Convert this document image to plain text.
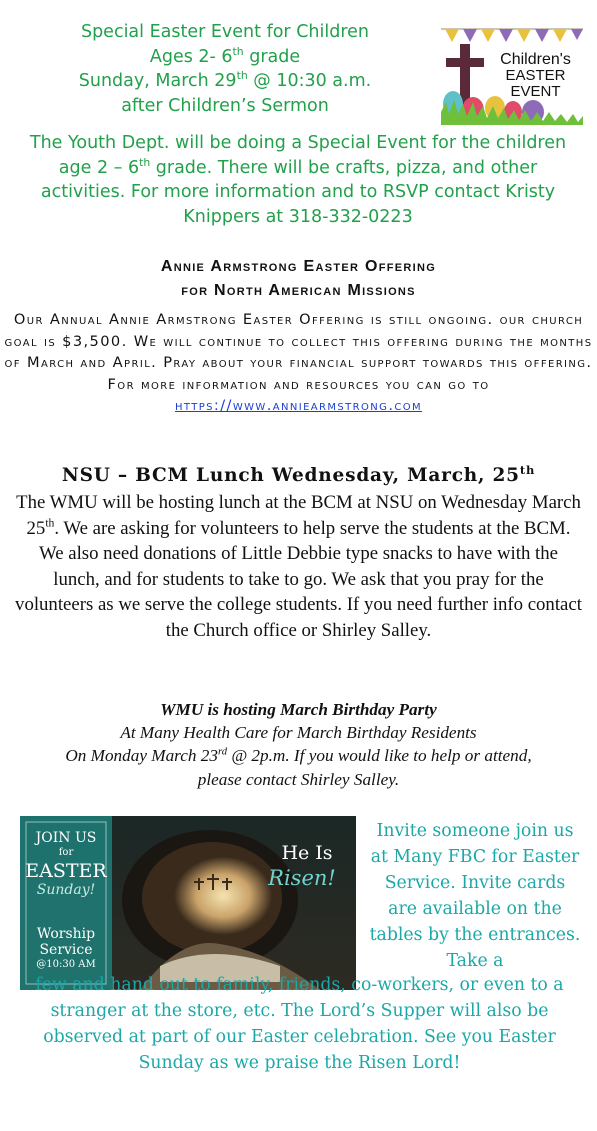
Special Easter Event for Children
Ages 2- 6th grade
Sunday, March 29th @ 10:30 a.m.
after Children’s Sermon
Children's
EASTER
EVENT

The Youth Dept. will be doing a Special Event for the children age 2 – 6th grade. There will be crafts, pizza, and other activities. For more information and to RSVP contact Kristy Knippers at 318-332-0223

Annie Armstrong Easter Offering
for North American Missions

Our Annual Annie Armstrong Easter Offering is still ongoing. our church goal is $3,500. We will continue to collect this offering during the months of March and April. Pray about your financial support towards this offering. For more information and resources you can go to https://www.anniearmstrong.com

NSU – BCM Lunch Wednesday, March, 25th

The WMU will be hosting lunch at the BCM at NSU on Wednesday March 25th. We are asking for volunteers to help serve the students at the BCM. We also need donations of Little Debbie type snacks to have with the lunch, and for students to take to go. We ask that you pray for the volunteers as we serve the college students. If you need further info contact the Church office or Shirley Salley.

WMU is hosting March Birthday Party
At Many Health Care for March Birthday Residents
On Monday March 23rd @ 2p.m. If you would like to help or attend,
please contact Shirley Salley.
JOIN US
for
EASTER
Sunday!
Worship
Service
@10:30 AM
He Is
Risen!

Invite someone join us at Many FBC for Easter Service. Invite cards are available on the tables by the entrances. Take a

few and hand out to family, friends, co-workers, or even to a stranger at the store, etc. The Lord’s Supper will also be observed at part of our Easter celebration. See you Easter Sunday as we praise the Risen Lord!
